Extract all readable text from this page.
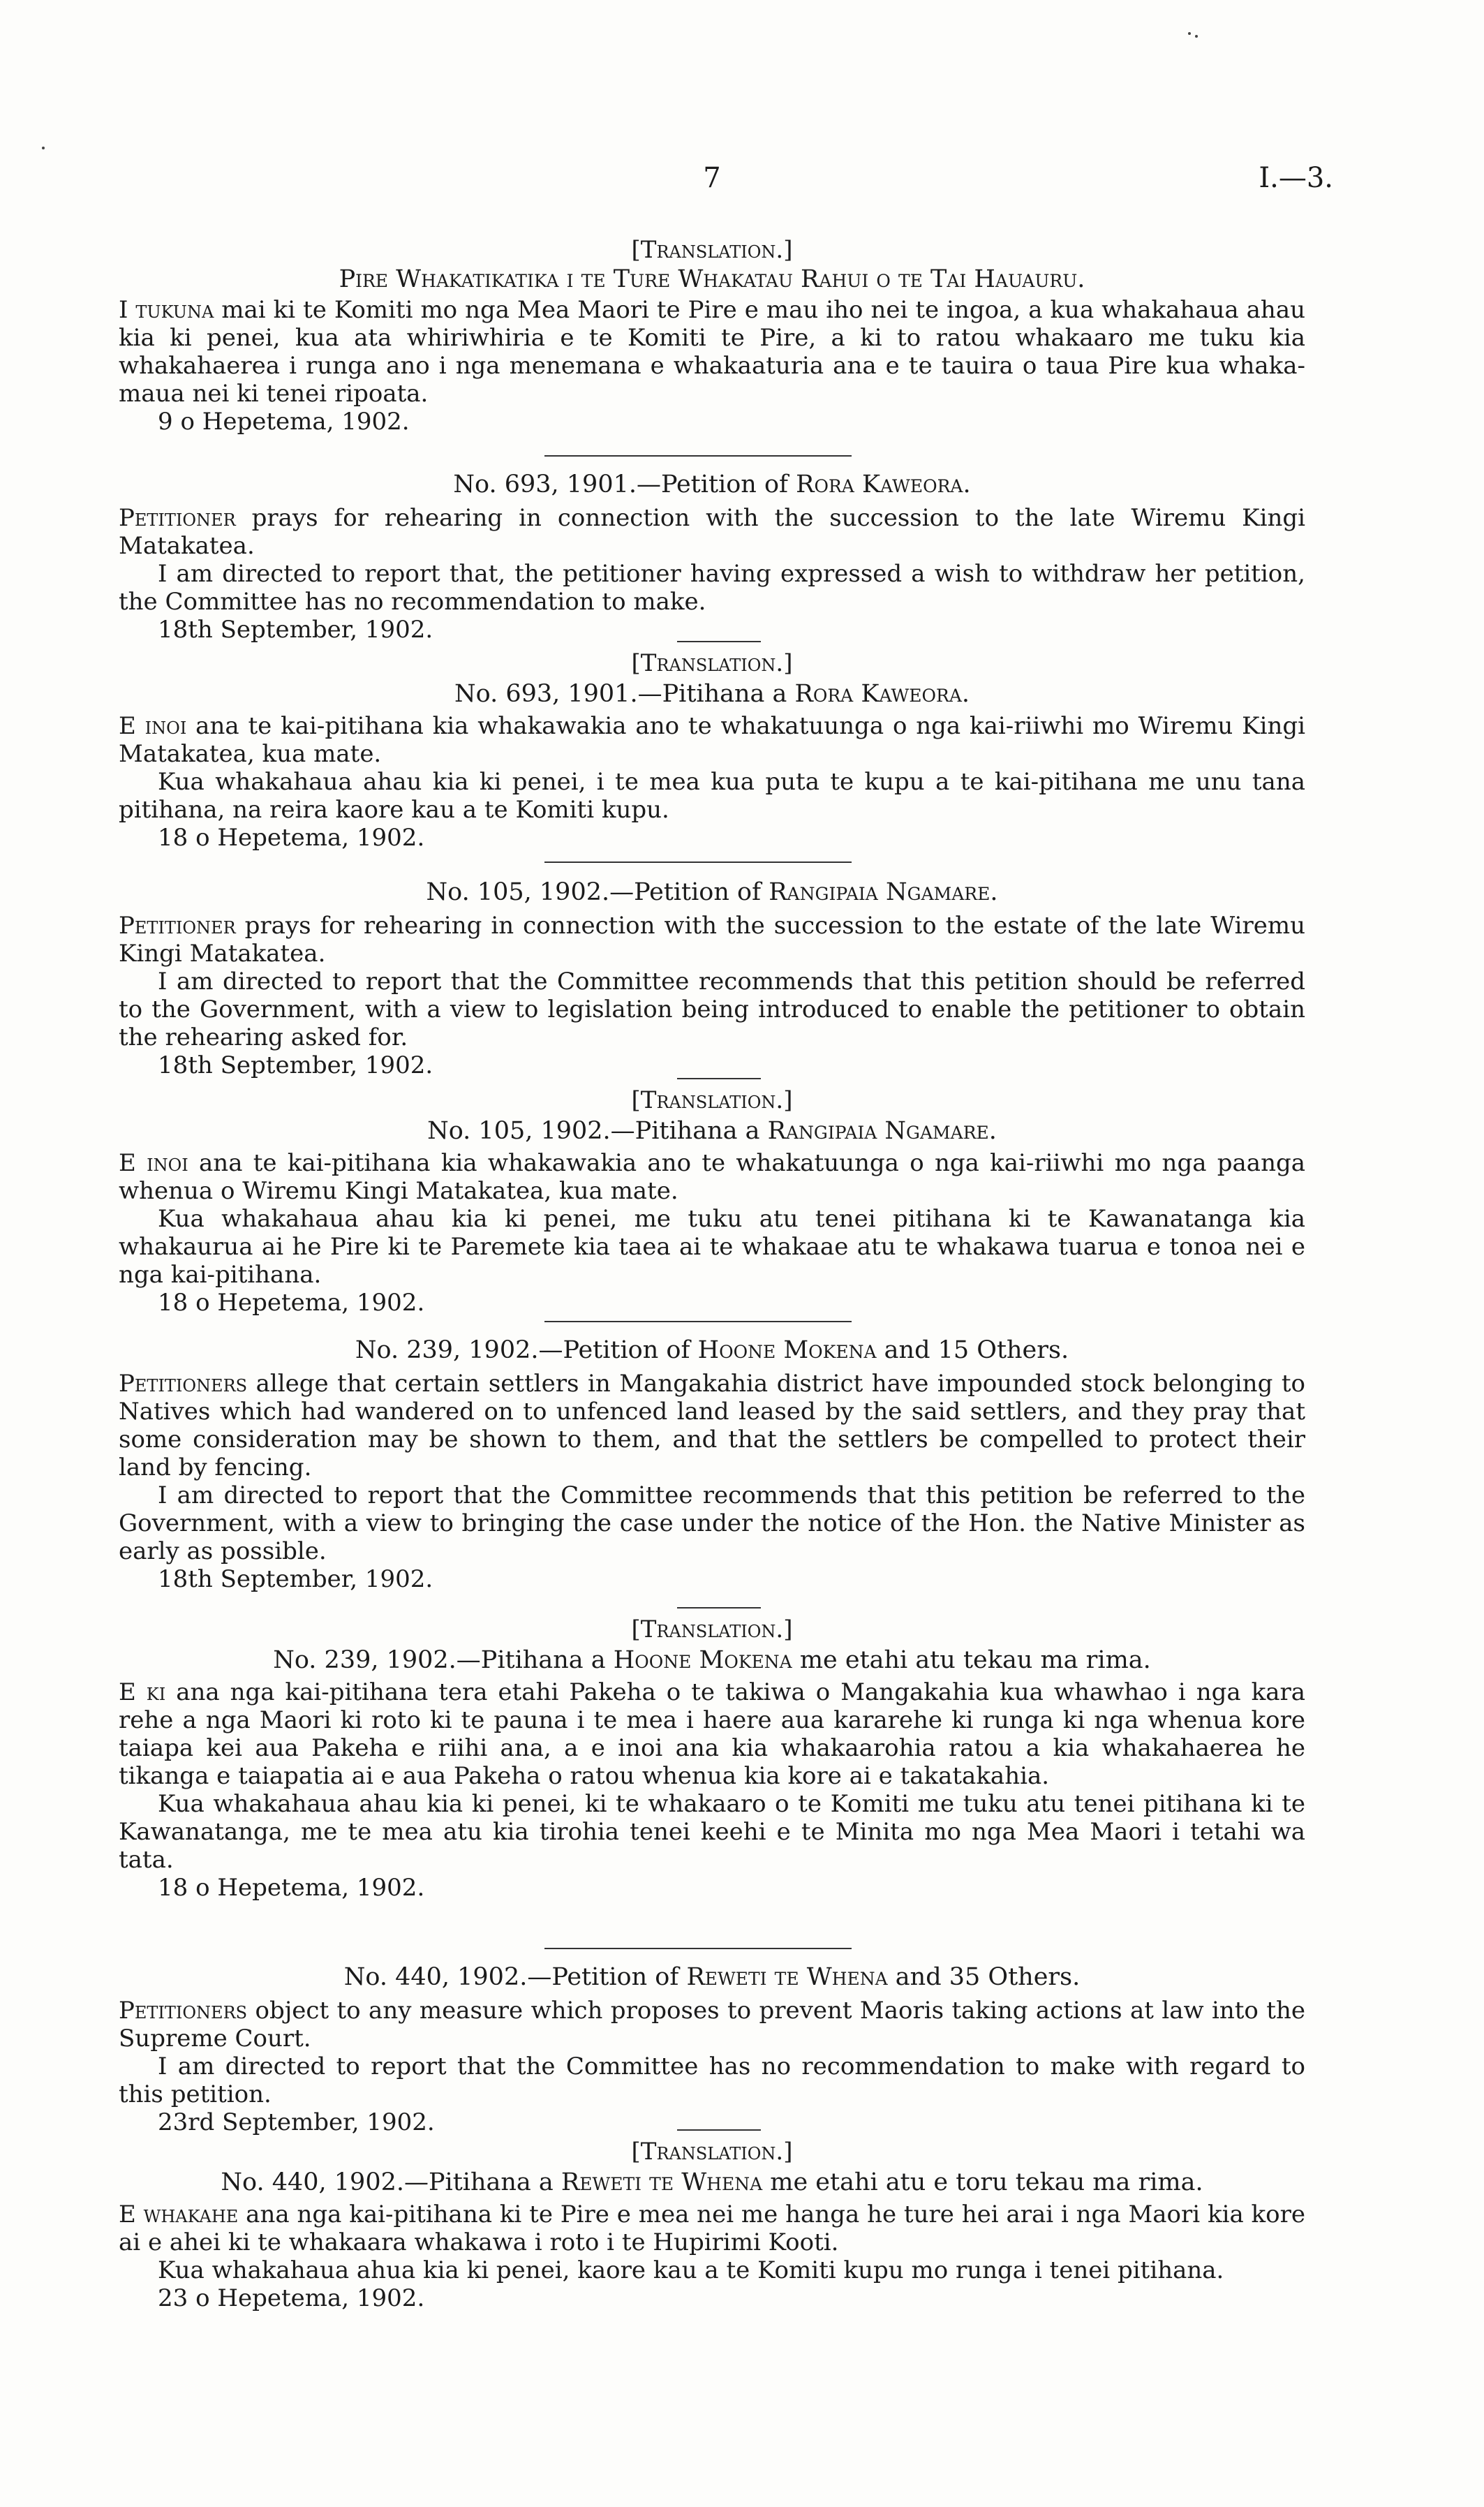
7	I.—3.

[Translation.]

Pire Whakatikatika i te Ture Whakatau Rahui o te Tai Hauauru.

I tukuna mai ki te Komiti mo nga Mea Maori te Pire e mau iho nei te ingoa, a kua whakahaua ahau kia ki penei, kua ata whiriwhiria e te Komiti te Pire, a ki to ratou whakaaro me tuku kia whakahaerea i runga ano i nga menemana e whakaaturia ana e te tauira o taua Pire kua whaka-maua nei ki tenei ripoata.

9 o Hepetema, 1902.

No. 693, 1901.—Petition of Rora Kaweora.

Petitioner prays for rehearing in connection with the succession to the late Wiremu Kingi Matakatea.

I am directed to report that, the petitioner having expressed a wish to withdraw her petition, the Committee has no recommendation to make.

18th September, 1902.

[Translation.]

No. 693, 1901.—Pitihana a Rora Kaweora.

E inoi ana te kai-pitihana kia whakawakia ano te whakatuunga o nga kai-riiwhi mo Wiremu Kingi Matakatea, kua mate.

Kua whakahaua ahau kia ki penei, i te mea kua puta te kupu a te kai-pitihana me unu tana pitihana, na reira kaore kau a te Komiti kupu.

18 o Hepetema, 1902.

No. 105, 1902.—Petition of Rangipaia Ngamare.

Petitioner prays for rehearing in connection with the succession to the estate of the late Wiremu Kingi Matakatea.

I am directed to report that the Committee recommends that this petition should be referred to the Government, with a view to legislation being introduced to enable the petitioner to obtain the rehearing asked for.

18th September, 1902.

[Translation.]

No. 105, 1902.—Pitihana a Rangipaia Ngamare.

E inoi ana te kai-pitihana kia whakawakia ano te whakatuunga o nga kai-riiwhi mo nga paanga whenua o Wiremu Kingi Matakatea, kua mate.

Kua whakahaua ahau kia ki penei, me tuku atu tenei pitihana ki te Kawanatanga kia whakaurua ai he Pire ki te Paremete kia taea ai te whakaae atu te whakawa tuarua e tonoa nei e nga kai-pitihana.

18 o Hepetema, 1902.

No. 239, 1902.—Petition of Hoone Mokena and 15 Others.

Petitioners allege that certain settlers in Mangakahia district have impounded stock belonging to Natives which had wandered on to unfenced land leased by the said settlers, and they pray that some consideration may be shown to them, and that the settlers be compelled to protect their land by fencing.

I am directed to report that the Committee recommends that this petition be referred to the Government, with a view to bringing the case under the notice of the Hon. the Native Minister as early as possible.

18th September, 1902.

[Translation.]

No. 239, 1902.—Pitihana a Hoone Mokena me etahi atu tekau ma rima.

E ki ana nga kai-pitihana tera etahi Pakeha o te takiwa o Mangakahia kua whawhao i nga kara rehe a nga Maori ki roto ki te pauna i te mea i haere aua kararehe ki runga ki nga whenua kore taiapa kei aua Pakeha e riihi ana, a e inoi ana kia whakaarohia ratou a kia whakahaerea he tikanga e taiapatia ai e aua Pakeha o ratou whenua kia kore ai e takatakahia.

Kua whakahaua ahau kia ki penei, ki te whakaaro o te Komiti me tuku atu tenei pitihana ki te Kawanatanga, me te mea atu kia tirohia tenei keehi e te Minita mo nga Mea Maori i tetahi wa tata.

18 o Hepetema, 1902.

No. 440, 1902.—Petition of Reweti te Whena and 35 Others.

Petitioners object to any measure which proposes to prevent Maoris taking actions at law into the Supreme Court.

I am directed to report that the Committee has no recommendation to make with regard to this petition.

23rd September, 1902.

[Translation.]

No. 440, 1902.—Pitihana a Reweti te Whena me etahi atu e toru tekau ma rima.

E whakahe ana nga kai-pitihana ki te Pire e mea nei me hanga he ture hei arai i nga Maori kia kore ai e ahei ki te whakaara whakawa i roto i te Hupirimi Kooti.

Kua whakahaua ahua kia ki penei, kaore kau a te Komiti kupu mo runga i tenei pitihana.

23 o Hepetema, 1902.
